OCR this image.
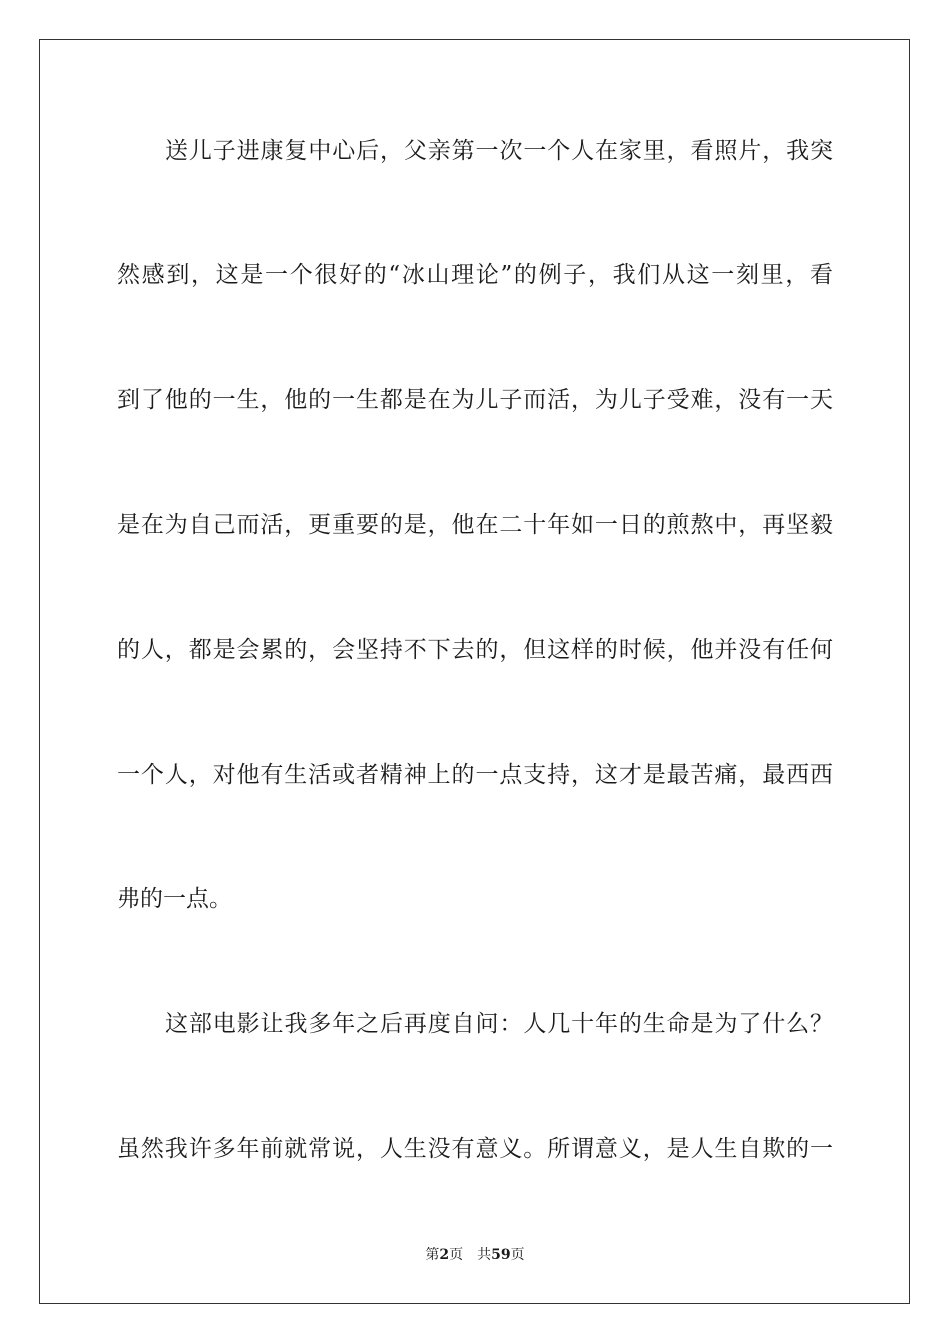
送儿子进康复中心后，父亲第一次一个人在家里，看照片，我突
然感到，这是一个很好的“冰山理论”的例子，我们从这一刻里，看
到了他的一生，他的一生都是在为儿子而活，为儿子受难，没有一天
是在为自己而活，更重要的是，他在二十年如一日的煎熬中，再坚毅
的人，都是会累的，会坚持不下去的，但这样的时候，他并没有任何
一个人，对他有生活或者精神上的一点支持，这才是最苦痛，最西西
弗的一点。
这部电影让我多年之后再度自问：人几十年的生命是为了什么？
虽然我许多年前就常说，人生没有意义。所谓意义，是人生自欺的一
第2页 共59页
